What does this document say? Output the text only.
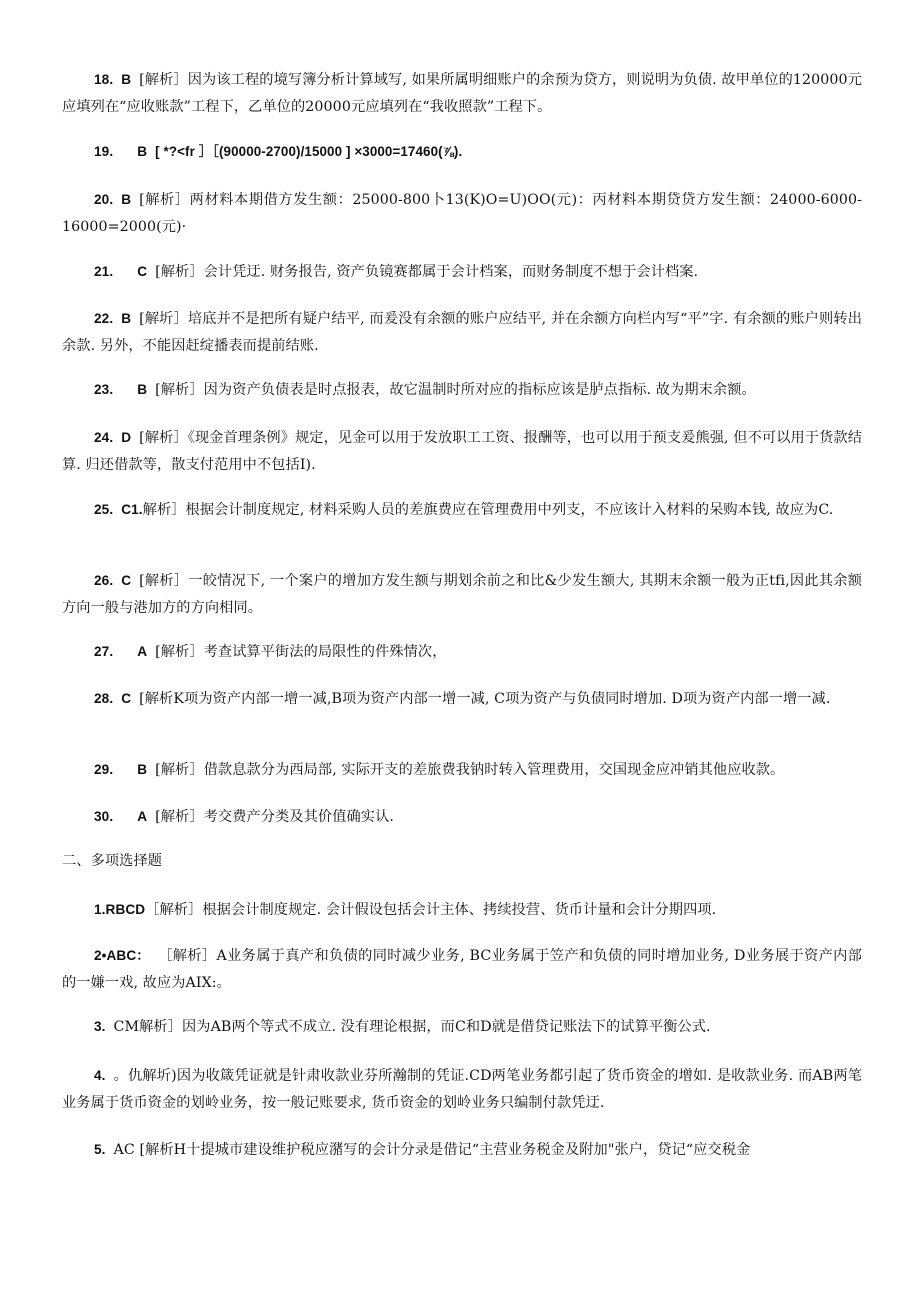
18. B [解析］因为该工程的境写簿分析计算域写, 如果所属明细账户的余预为贷方，则说明为负债. 故甲单位的120000元应填列在“应收账款”工程下，乙单位的20000元应填列在“我收照款”工程下。
19. B [ *?<fr ］［(90000-2700)/15000 ] ×3000=17460(⅞).
20. B [解析］两材料本期借方发生额：25000-800卜13(K)O=U)OO(元)：丙材料本期贷贷方发生额：24000-6000-16000=2000(元)·
21. C [解析］会计凭迂. 财务报告, 资产负镜赛都属于会计档案，而财务制度不想于会计档案.
22. B [解圻］培底并不是把所有疑户结平, 而爰没有余额的账户应结平, 并在余额方向栏内写“平”字. 有余额的账户则转出余款. 另外，不能因赶绽播表而提前结账.
23. B [解析］因为资产负债表是时点报表，故它温制时所对应的指标应该是胪点指标. 故为期末余额。
24. D [解析］《现金首理条例》规定，见金可以用于发放职工工资、报酬等，也可以用于预支爰熊强, 但不可以用于货款结算. 归还借款等，散支付范用中不包括I).
25. C1.解析］根据会计制度规定, 材料采购人员的差旗费应在管理费用中列支，不应该计入材料的呆购本钱, 故应为C.
26. C [解析］一皎情况下, 一个案户的增加方发生额与期划余前之和比&少发生额大, 其期末余额一般为正tfi,因此其余额方向一般与港加方的方向相同。
27. A [解析］考查试算平街法的局限性的件殊情次，
28. C [解析K项为资产内部一增一减,B项为资产内部一增一减, C项为资产与负债同时增加. D项为资产内部一增一减.
29. B [解析］借款息款分为西局部, 实际开支的差旅费我钠时转入管理费用，交国现金应冲销其他应收款。
30. A [解析］考交费产分类及其价值确实认.
二、多项选择题
1.RBCD［解析］根据会计制度规定. 会计假设包括会计主体、拷续投营、货币计量和会计分期四项.
2•ABC： ［解析］A业务属于真产和负债的同时减少业务, BC业务属于笠产和负债的同时增加业务, D业务展于资产内部的一嫌一戏, 故应为AIX:。
3. CM解析］因为AB两个等式不成立. 没有理论根据，而C和D就是借贷记账法下的试算平衡公式.
4. 。仇解圻)因为收箴凭证就是针肃收款业芬所瀚制的凭证.CD两笔业务都引起了货币资金的增如. 是收款业务. 而AB两笔业务属于货币资金的划岭业务，按一般记账要求, 货币资金的划岭业务只编制付款凭迂.
5. AC [解析H十提城市建设维护税应潴写的会计分录是借记“主营业务税金及附加"张户，贷记“应交税金
